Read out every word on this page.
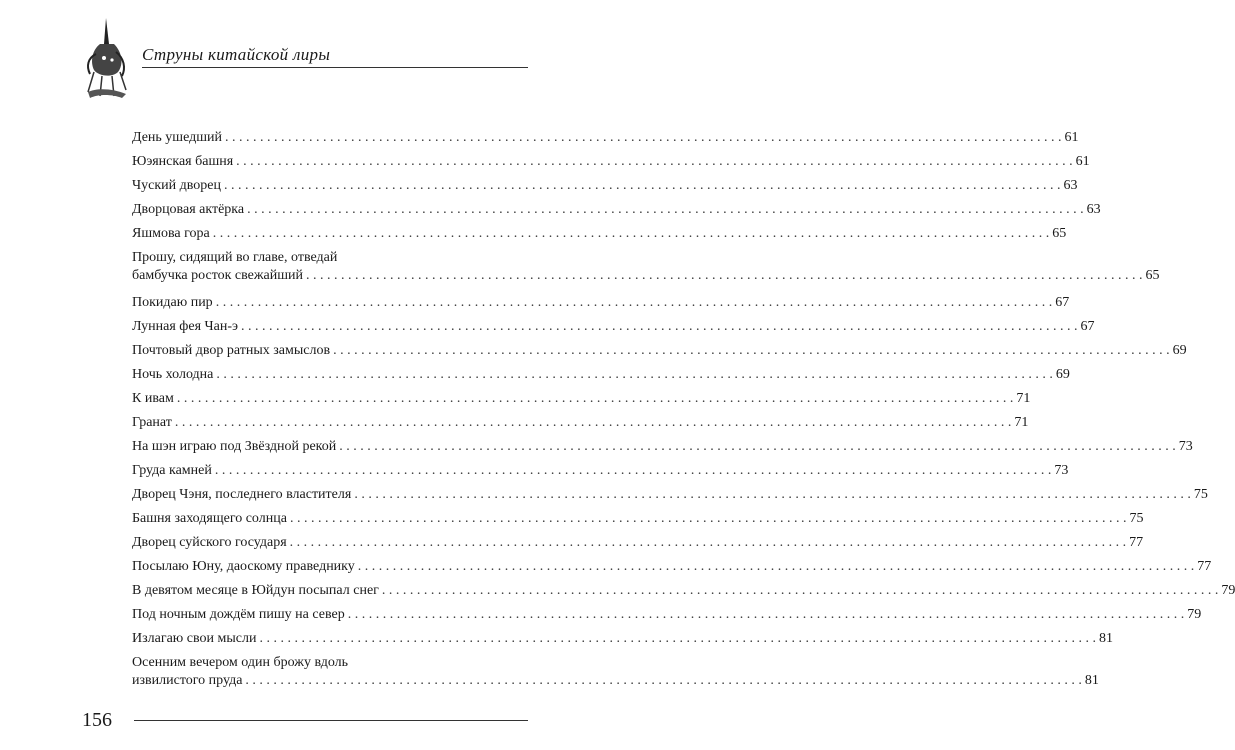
Струны китайской лиры
День ушедший . . . . . . . . . . . . . . . . . . . . . . . . . . . . . . . . . . . . . . . . . . . . . . . . . . . . . . . . . . . . . . . . . . . . . . . . . . . . . . . . . . . . . . . . . . . . . . . . . . . . . . . . . . . . . . . . . . . . . . . . 61
Юэянская башня . . . . . . . . . . . . . . . . . . . . . . . . . . . . . . . . . . . . . . . . . . . . . . . . . . . . . . . . . . . . . . . . . . . . . . . . . . . . . . . . . . . . . . . . . . . . . . . . . . . . . . . . . . . . . . . . . . . . . . . . 61
Чуский дворец . . . . . . . . . . . . . . . . . . . . . . . . . . . . . . . . . . . . . . . . . . . . . . . . . . . . . . . . . . . . . . . . . . . . . . . . . . . . . . . . . . . . . . . . . . . . . . . . . . . . . . . . . . . . . . . . . . . . . . . . 63
Дворцовая актёрка . . . . . . . . . . . . . . . . . . . . . . . . . . . . . . . . . . . . . . . . . . . . . . . . . . . . . . . . . . . . . . . . . . . . . . . . . . . . . . . . . . . . . . . . . . . . . . . . . . . . . . . . . . . . . . . . . . . . . . . . 63
Яшмова гора . . . . . . . . . . . . . . . . . . . . . . . . . . . . . . . . . . . . . . . . . . . . . . . . . . . . . . . . . . . . . . . . . . . . . . . . . . . . . . . . . . . . . . . . . . . . . . . . . . . . . . . . . . . . . . . . . . . . . . . . 65
Прошу, сидящий во главе, отведай
бамбучка росток свежайший . . . . . . . . . . . . . . . . . . . . . . . . . . . . . . . . . . . . . . . . . . . . . . . . . . . . . . . . . . . . . . . . . . . . . . . . . . . . . . . . . . . . . . . . . . . . . . . . . . . . . . . . . . . . . . . . . . . . . . . . 65
Покидаю пир . . . . . . . . . . . . . . . . . . . . . . . . . . . . . . . . . . . . . . . . . . . . . . . . . . . . . . . . . . . . . . . . . . . . . . . . . . . . . . . . . . . . . . . . . . . . . . . . . . . . . . . . . . . . . . . . . . . . . . . . 67
Лунная фея Чан-э . . . . . . . . . . . . . . . . . . . . . . . . . . . . . . . . . . . . . . . . . . . . . . . . . . . . . . . . . . . . . . . . . . . . . . . . . . . . . . . . . . . . . . . . . . . . . . . . . . . . . . . . . . . . . . . . . . . . . . . . 67
Почтовый двор ратных замыслов . . . . . . . . . . . . . . . . . . . . . . . . . . . . . . . . . . . . . . . . . . . . . . . . . . . . . . . . . . . . . . . . . . . . . . . . . . . . . . . . . . . . . . . . . . . . . . . . . . . . . . . . . . . . . . . . . . . . . . . . 69
Ночь холодна . . . . . . . . . . . . . . . . . . . . . . . . . . . . . . . . . . . . . . . . . . . . . . . . . . . . . . . . . . . . . . . . . . . . . . . . . . . . . . . . . . . . . . . . . . . . . . . . . . . . . . . . . . . . . . . . . . . . . . . . 69
К ивам . . . . . . . . . . . . . . . . . . . . . . . . . . . . . . . . . . . . . . . . . . . . . . . . . . . . . . . . . . . . . . . . . . . . . . . . . . . . . . . . . . . . . . . . . . . . . . . . . . . . . . . . . . . . . . . . . . . . . . . . 71
Гранат . . . . . . . . . . . . . . . . . . . . . . . . . . . . . . . . . . . . . . . . . . . . . . . . . . . . . . . . . . . . . . . . . . . . . . . . . . . . . . . . . . . . . . . . . . . . . . . . . . . . . . . . . . . . . . . . . . . . . . . . 71
На шэн играю под Звёздной рекой . . . . . . . . . . . . . . . . . . . . . . . . . . . . . . . . . . . . . . . . . . . . . . . . . . . . . . . . . . . . . . . . . . . . . . . . . . . . . . . . . . . . . . . . . . . . . . . . . . . . . . . . . . . . . . . . . . . . . . . . 73
Груда камней . . . . . . . . . . . . . . . . . . . . . . . . . . . . . . . . . . . . . . . . . . . . . . . . . . . . . . . . . . . . . . . . . . . . . . . . . . . . . . . . . . . . . . . . . . . . . . . . . . . . . . . . . . . . . . . . . . . . . . . . 73
Дворец Чэня, последнего властителя . . . . . . . . . . . . . . . . . . . . . . . . . . . . . . . . . . . . . . . . . . . . . . . . . . . . . . . . . . . . . . . . . . . . . . . . . . . . . . . . . . . . . . . . . . . . . . . . . . . . . . . . . . . . . . . . . . . . . . . . 75
Башня заходящего солнца . . . . . . . . . . . . . . . . . . . . . . . . . . . . . . . . . . . . . . . . . . . . . . . . . . . . . . . . . . . . . . . . . . . . . . . . . . . . . . . . . . . . . . . . . . . . . . . . . . . . . . . . . . . . . . . . . . . . . . . . 75
Дворец суйского государя . . . . . . . . . . . . . . . . . . . . . . . . . . . . . . . . . . . . . . . . . . . . . . . . . . . . . . . . . . . . . . . . . . . . . . . . . . . . . . . . . . . . . . . . . . . . . . . . . . . . . . . . . . . . . . . . . . . . . . . . 77
Посылаю Юну, даоскому праведнику . . . . . . . . . . . . . . . . . . . . . . . . . . . . . . . . . . . . . . . . . . . . . . . . . . . . . . . . . . . . . . . . . . . . . . . . . . . . . . . . . . . . . . . . . . . . . . . . . . . . . . . . . . . . . . . . . . . . . . . . 77
В девятом месяце в Юйдун посыпал снег . . . . . . . . . . . . . . . . . . . . . . . . . . . . . . . . . . . . . . . . . . . . . . . . . . . . . . . . . . . . . . . . . . . . . . . . . . . . . . . . . . . . . . . . . . . . . . . . . . . . . . . . . . . . . . . . . . . . . . . . 79
Под ночным дождём пишу на север . . . . . . . . . . . . . . . . . . . . . . . . . . . . . . . . . . . . . . . . . . . . . . . . . . . . . . . . . . . . . . . . . . . . . . . . . . . . . . . . . . . . . . . . . . . . . . . . . . . . . . . . . . . . . . . . . . . . . . . . 79
Излагаю свои мысли . . . . . . . . . . . . . . . . . . . . . . . . . . . . . . . . . . . . . . . . . . . . . . . . . . . . . . . . . . . . . . . . . . . . . . . . . . . . . . . . . . . . . . . . . . . . . . . . . . . . . . . . . . . . . . . . . . . . . . . . 81
Осенним вечером один брожу вдоль
извилистого пруда . . . . . . . . . . . . . . . . . . . . . . . . . . . . . . . . . . . . . . . . . . . . . . . . . . . . . . . . . . . . . . . . . . . . . . . . . . . . . . . . . . . . . . . . . . . . . . . . . . . . . . . . . . . . . . . . . . . . . . . . 81
156
